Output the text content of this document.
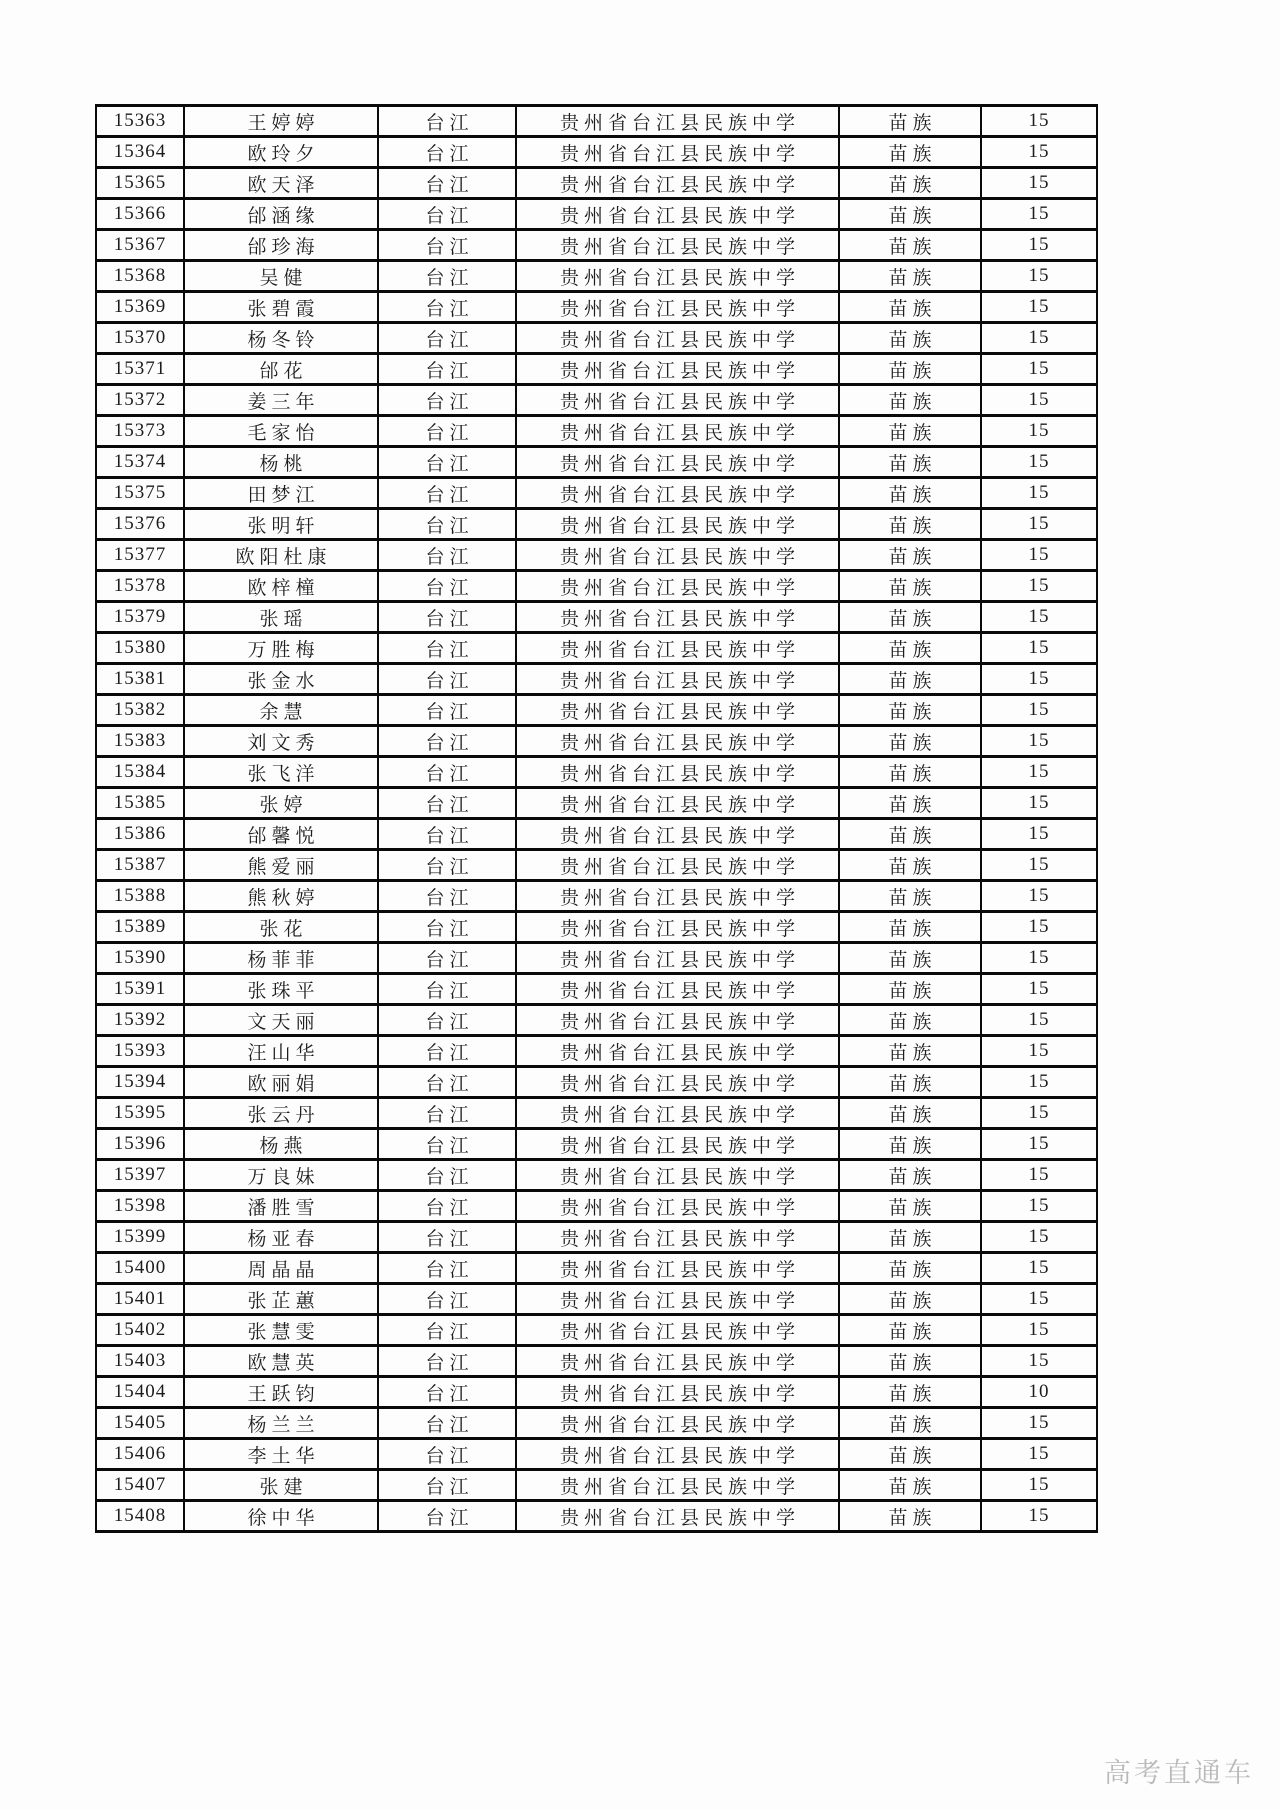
15363	王婷婷	台江	贵州省台江县民族中学	苗族	15
15364	欧玲夕	台江	贵州省台江县民族中学	苗族	15
15365	欧天泽	台江	贵州省台江县民族中学	苗族	15
15366	邰涵缘	台江	贵州省台江县民族中学	苗族	15
15367	邰珍海	台江	贵州省台江县民族中学	苗族	15
15368	吴健	台江	贵州省台江县民族中学	苗族	15
15369	张碧霞	台江	贵州省台江县民族中学	苗族	15
15370	杨冬铃	台江	贵州省台江县民族中学	苗族	15
15371	邰花	台江	贵州省台江县民族中学	苗族	15
15372	姜三年	台江	贵州省台江县民族中学	苗族	15
15373	毛家怡	台江	贵州省台江县民族中学	苗族	15
15374	杨桃	台江	贵州省台江县民族中学	苗族	15
15375	田梦江	台江	贵州省台江县民族中学	苗族	15
15376	张明轩	台江	贵州省台江县民族中学	苗族	15
15377	欧阳杜康	台江	贵州省台江县民族中学	苗族	15
15378	欧梓橦	台江	贵州省台江县民族中学	苗族	15
15379	张瑶	台江	贵州省台江县民族中学	苗族	15
15380	万胜梅	台江	贵州省台江县民族中学	苗族	15
15381	张金水	台江	贵州省台江县民族中学	苗族	15
15382	余慧	台江	贵州省台江县民族中学	苗族	15
15383	刘文秀	台江	贵州省台江县民族中学	苗族	15
15384	张飞洋	台江	贵州省台江县民族中学	苗族	15
15385	张婷	台江	贵州省台江县民族中学	苗族	15
15386	邰馨悦	台江	贵州省台江县民族中学	苗族	15
15387	熊爱丽	台江	贵州省台江县民族中学	苗族	15
15388	熊秋婷	台江	贵州省台江县民族中学	苗族	15
15389	张花	台江	贵州省台江县民族中学	苗族	15
15390	杨菲菲	台江	贵州省台江县民族中学	苗族	15
15391	张珠平	台江	贵州省台江县民族中学	苗族	15
15392	文天丽	台江	贵州省台江县民族中学	苗族	15
15393	汪山华	台江	贵州省台江县民族中学	苗族	15
15394	欧丽娟	台江	贵州省台江县民族中学	苗族	15
15395	张云丹	台江	贵州省台江县民族中学	苗族	15
15396	杨燕	台江	贵州省台江县民族中学	苗族	15
15397	万良妹	台江	贵州省台江县民族中学	苗族	15
15398	潘胜雪	台江	贵州省台江县民族中学	苗族	15
15399	杨亚春	台江	贵州省台江县民族中学	苗族	15
15400	周晶晶	台江	贵州省台江县民族中学	苗族	15
15401	张芷蕙	台江	贵州省台江县民族中学	苗族	15
15402	张慧雯	台江	贵州省台江县民族中学	苗族	15
15403	欧慧英	台江	贵州省台江县民族中学	苗族	15
15404	王跃钧	台江	贵州省台江县民族中学	苗族	10
15405	杨兰兰	台江	贵州省台江县民族中学	苗族	15
15406	李土华	台江	贵州省台江县民族中学	苗族	15
15407	张建	台江	贵州省台江县民族中学	苗族	15
15408	徐中华	台江	贵州省台江县民族中学	苗族	15
高考直通车
